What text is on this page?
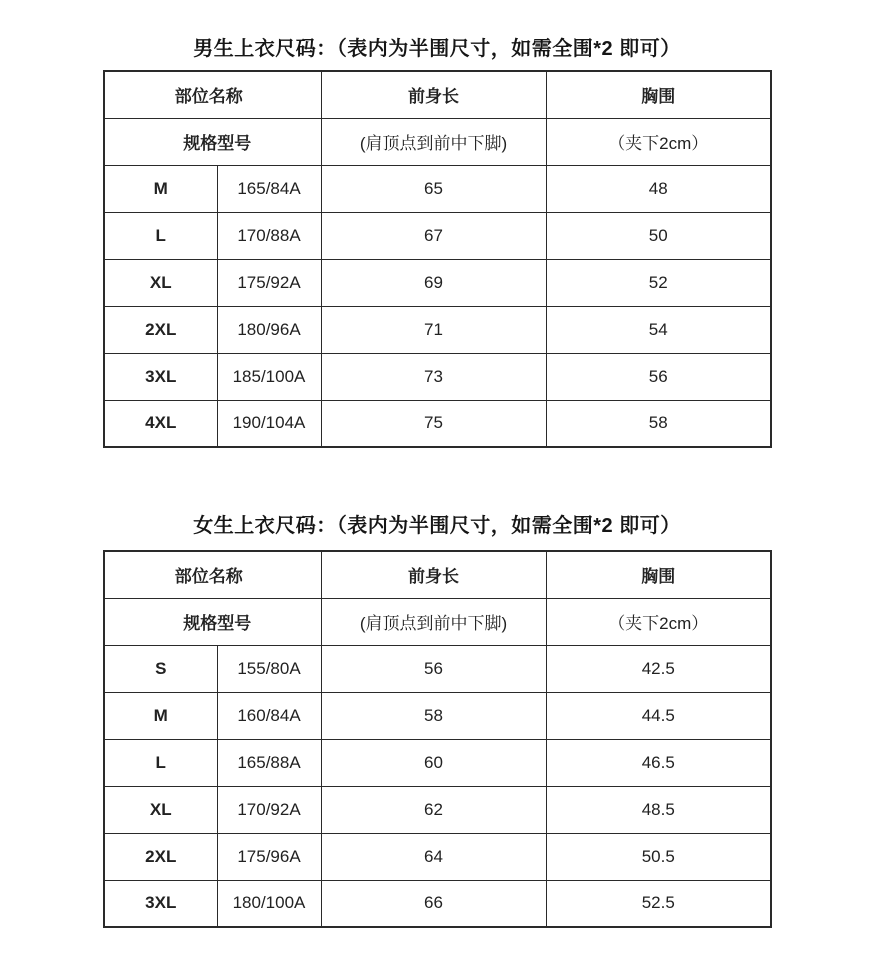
男生上衣尺码：（表内为半围尺寸，如需全围*2 即可）
部位名称		前身长	胸围
规格型号		(肩顶点到前中下脚)	（夹下2cm）
M	165/84A	65	48
L	170/88A	67	50
XL	175/92A	69	52
2XL	180/96A	71	54
3XL	185/100A	73	56
4XL	190/104A	75	58
女生上衣尺码：（表内为半围尺寸，如需全围*2 即可）
部位名称		前身长	胸围
规格型号		(肩顶点到前中下脚)	（夹下2cm）
S	155/80A	56	42.5
M	160/84A	58	44.5
L	165/88A	60	46.5
XL	170/92A	62	48.5
2XL	175/96A	64	50.5
3XL	180/100A	66	52.5
